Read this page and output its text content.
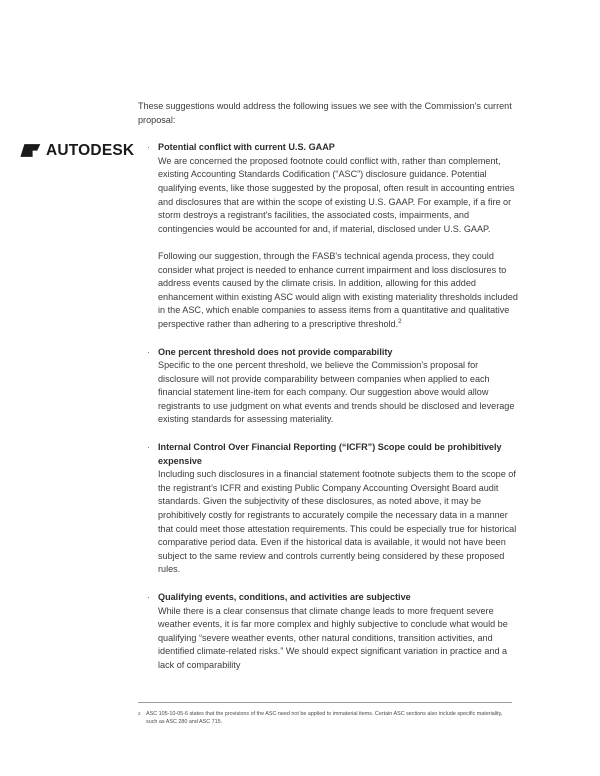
AUTODESK

These suggestions would address the following issues we see with the Commission's current proposal:

· Potential conflict with current U.S. GAAP
We are concerned the proposed footnote could conflict with, rather than complement, existing Accounting Standards Codification (“ASC”) disclosure guidance. Potential qualifying events, like those suggested by the proposal, often result in accounting entries and disclosures that are within the scope of existing U.S. GAAP. For example, if a fire or storm destroys a registrant's facilities, the associated costs, impairments, and contingencies would be accounted for and, if material, disclosed under U.S. GAAP.
Following our suggestion, through the FASB's technical agenda process, they could consider what project is needed to enhance current impairment and loss disclosures to address events caused by the climate crisis. In addition, allowing for this added enhancement within existing ASC would align with existing materiality thresholds included in the ASC, which enable companies to assess items from a quantitative and qualitative perspective rather than adhering to a prescriptive threshold.$^2$
· One percent threshold does not provide comparability
Specific to the one percent threshold, we believe the Commission's proposal for disclosure will not provide comparability between companies when applied to each financial statement line-item for each company. Our suggestion above would allow registrants to use judgment on what events and trends should be disclosed and leverage existing standards for assessing materiality.
· Internal Control Over Financial Reporting (“ICFR”) Scope could be prohibitively expensive
Including such disclosures in a financial statement footnote subjects them to the scope of the registrant's ICFR and existing Public Company Accounting Oversight Board audit standards. Given the subjectivity of these disclosures, as noted above, it may be prohibitively costly for registrants to accurately compile the necessary data in a manner that could meet those attestation requirements. This could be especially true for historical comparative period data. Even if the historical data is available, it would not have been subject to the same review and controls currently being considered by these proposed rules.
· Qualifying events, conditions, and activities are subjective
While there is a clear consensus that climate change leads to more frequent severe weather events, it is far more complex and highly subjective to conclude what would be qualifying “severe weather events, other natural conditions, transition activities, and identified climate-related risks.” We should expect significant variation in practice and a lack of comparability

2 ASC 105-10-05-6 states that the provisions of the ASC need not be applied to immaterial items. Certain ASC sections also include specific materiality, such as ASC 280 and ASC 715.
